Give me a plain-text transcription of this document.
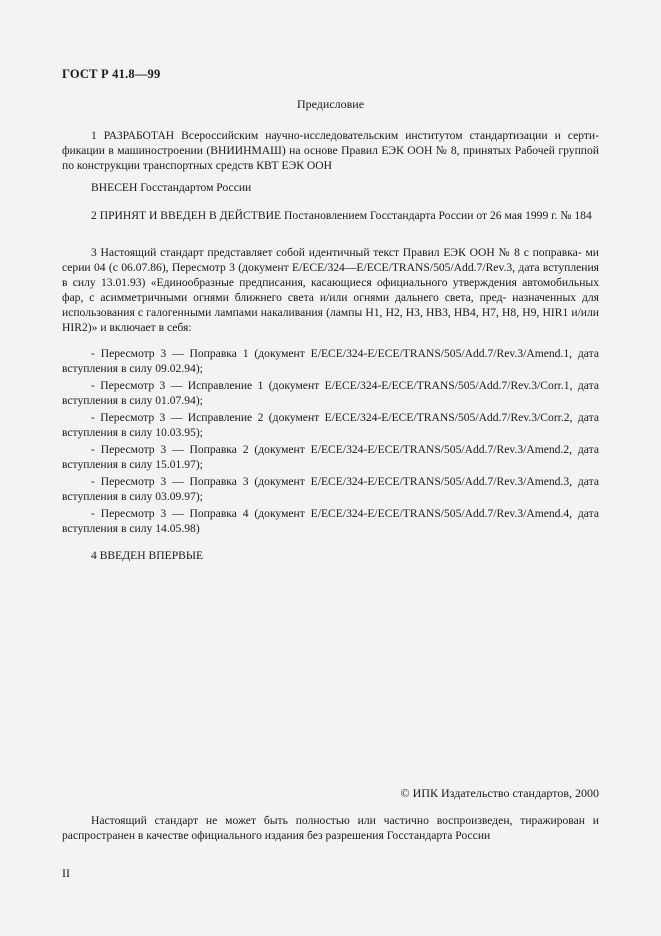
ГОСТ Р 41.8—99
Предисловие
1 РАЗРАБОТАН Всероссийским научно-исследовательским институтом стандартизации и серти- фикации в машиностроении (ВНИИНМАШ) на основе Правил ЕЭК ООН № 8, принятых Рабочей группой по конструкции транспортных средств КВТ ЕЭК ООН
ВНЕСЕН Госстандартом России
2 ПРИНЯТ И ВВЕДЕН В ДЕЙСТВИЕ Постановлением Госстандарта России от 26 мая 1999 г. № 184
3 Настоящий стандарт представляет собой идентичный текст Правил ЕЭК ООН № 8 с поправка- ми серии 04 (с 06.07.86), Пересмотр 3 (документ E/ECE/324—E/ECE/TRANS/505/Add.7/Rev.3, дата вступления в силу 13.01.93) «Единообразные предписания, касающиеся официального утверждения автомобильных фар, с асимметричными огнями ближнего света и/или огнями дальнего света, пред- назначенных для использования с галогенными лампами накаливания (лампы H1, H2, H3, HB3, HB4, H7, H8, H9, HIR1 и/или HIR2)» и включает в себя:
- Пересмотр 3 — Поправка 1 (документ E/ECE/324-E/ECE/TRANS/505/Add.7/Rev.3/Amend.1, дата вступления в силу 09.02.94);
- Пересмотр 3 — Исправление 1 (документ E/ECE/324-E/ECE/TRANS/505/Add.7/Rev.3/Corr.1, дата вступления в силу 01.07.94);
- Пересмотр 3 — Исправление 2 (документ E/ECE/324-E/ECE/TRANS/505/Add.7/Rev.3/Corr.2, дата вступления в силу 10.03.95);
- Пересмотр 3 — Поправка 2 (документ E/ECE/324-E/ECE/TRANS/505/Add.7/Rev.3/Amend.2, дата вступления в силу 15.01.97);
- Пересмотр 3 — Поправка 3 (документ E/ECE/324-E/ECE/TRANS/505/Add.7/Rev.3/Amend.3, дата вступления в силу 03.09.97);
- Пересмотр 3 — Поправка 4 (документ E/ECE/324-E/ECE/TRANS/505/Add.7/Rev.3/Amend.4, дата вступления в силу 14.05.98)
4 ВВЕДЕН ВПЕРВЫЕ
© ИПК Издательство стандартов, 2000
Настоящий стандарт не может быть полностью или частично воспроизведен, тиражирован и распространен в качестве официального издания без разрешения Госстандарта России
II
